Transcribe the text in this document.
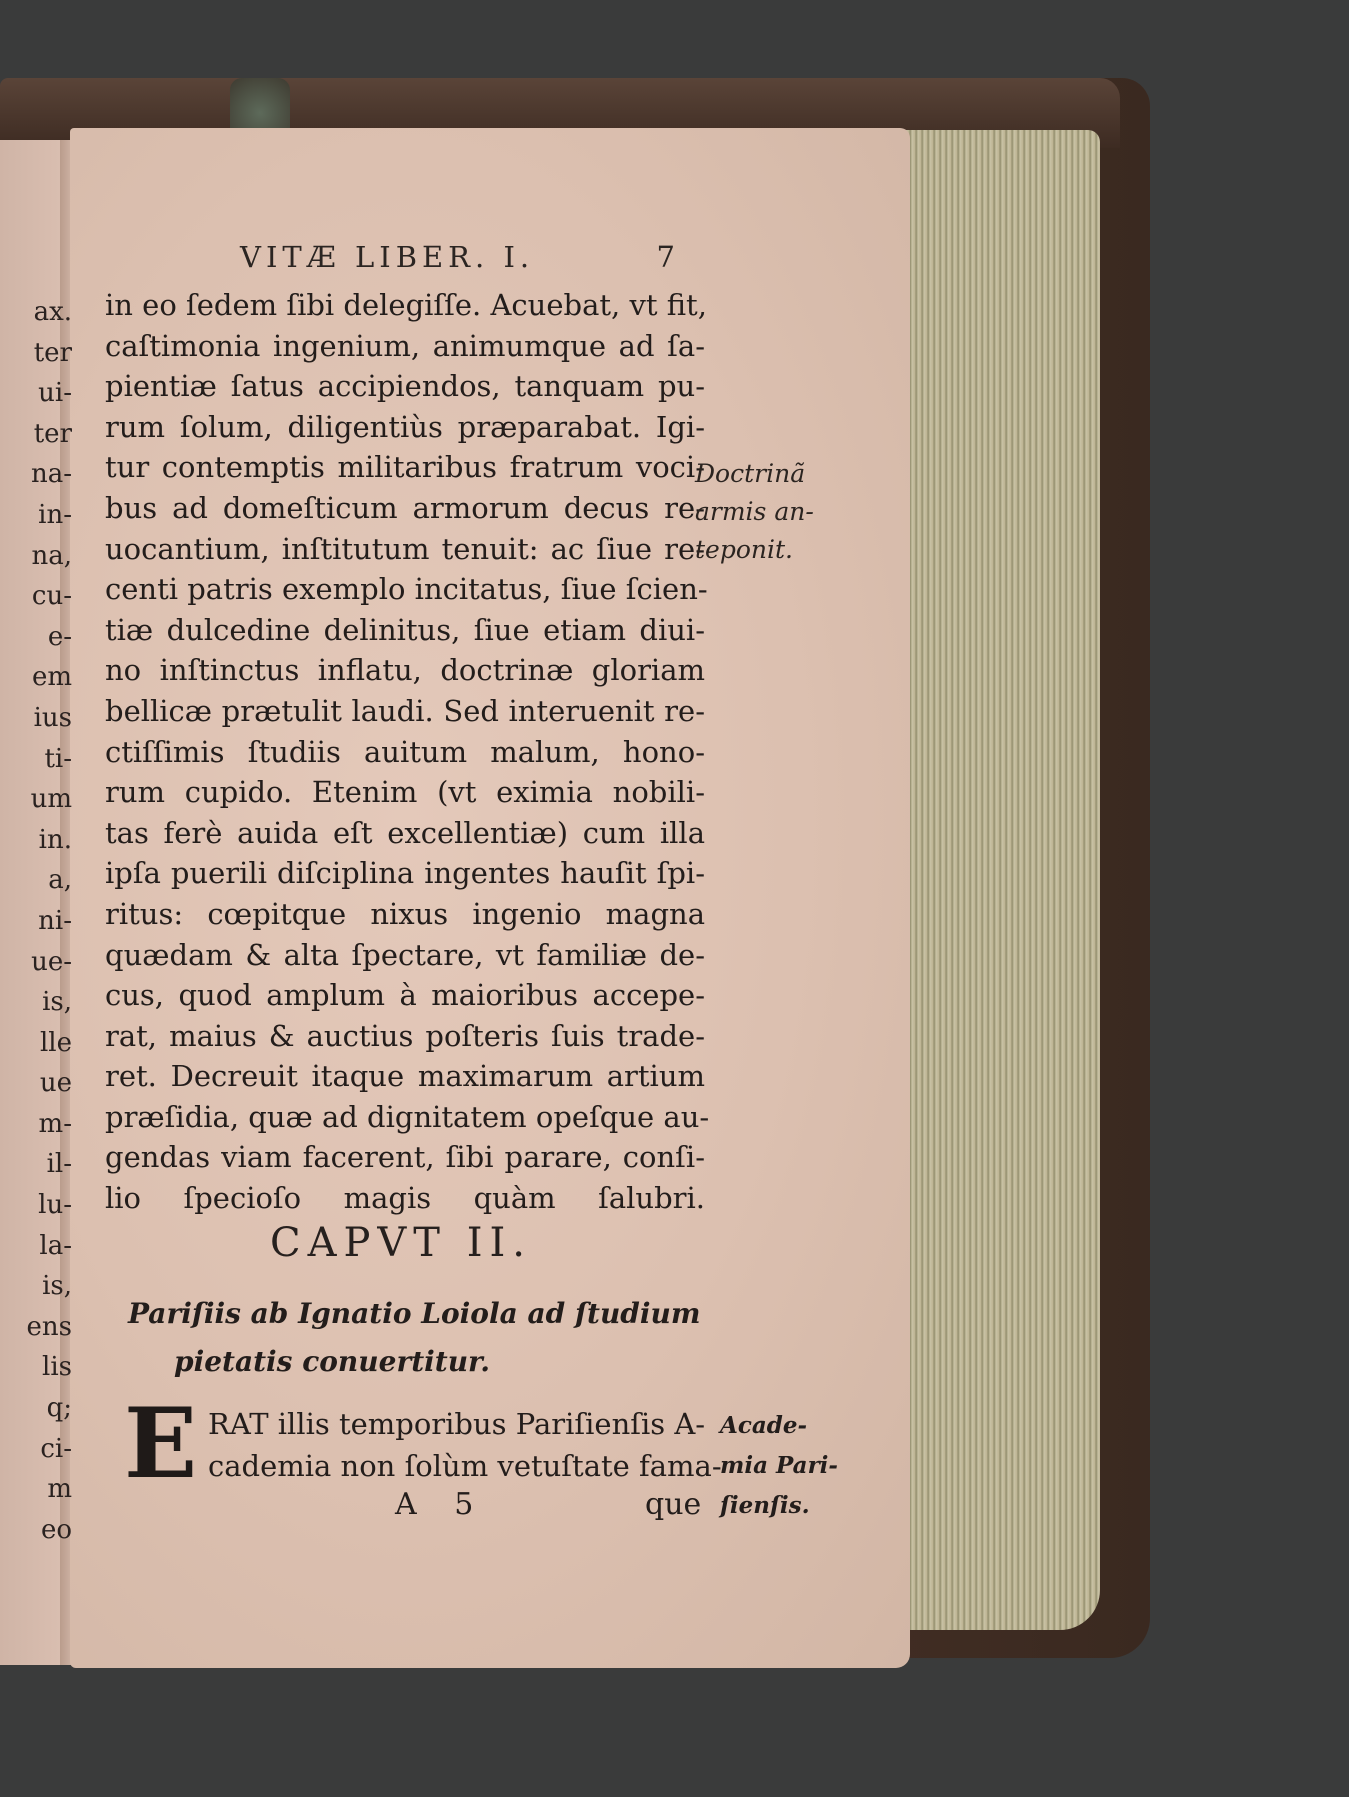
ax.
ter
ui-
ter
na-
in-
na,
cu-
e-
em
ius
ti-
um
in.
a,
ni-
ue-
is,
lle
ue
m-
il-
lu-
la-
is,
ens
lis
q;
ci-
m
eo
VITÆ LIBER. I.	7
in eo ſedem ſibi delegiſſe. Acuebat, vt fit,
caſtimonia ingenium, animumque ad ſa-
pientiæ ſatus accipiendos, tanquam pu-
rum ſolum, diligentiùs præparabat. Igi-
tur contemptis militaribus fratrum voci-
bus ad domeſticum armorum decus re-
uocantium, inſtitutum tenuit: ac ſiue re-
centi patris exemplo incitatus, ſiue ſcien-
tiæ dulcedine delinitus, ſiue etiam diui-
no inſtinctus inflatu, doctrinæ gloriam
bellicæ prætulit laudi. Sed interuenit re-
ctiſſimis ſtudiis auitum malum, hono-
rum cupido. Etenim (vt eximia nobili-
tas ferè auida eſt excellentiæ) cum illa
ipſa puerili diſciplina ingentes hauſit ſpi-
ritus: cœpitque nixus ingenio magna
quædam & alta ſpectare, vt familiæ de-
cus, quod amplum à maioribus accepe-
rat, maius & auctius poſteris ſuis trade-
ret. Decreuit itaque maximarum artium
præſidia, quæ ad dignitatem opeſque au-
gendas viam facerent, ſibi parare, conſi-
lio ſpecioſo magis quàm ſalubri.
Doctrinã
armis an-
teponit.
CAPVT II.
Pariſiis ab Ignatio Loiola ad ſtudium
pietatis conuertitur.
E RAT illis temporibus Pariſienſis A-
cademia non ſolùm vetuſtate fama-
Acade-
mia Pari-
ſienſis.
A 5	que
